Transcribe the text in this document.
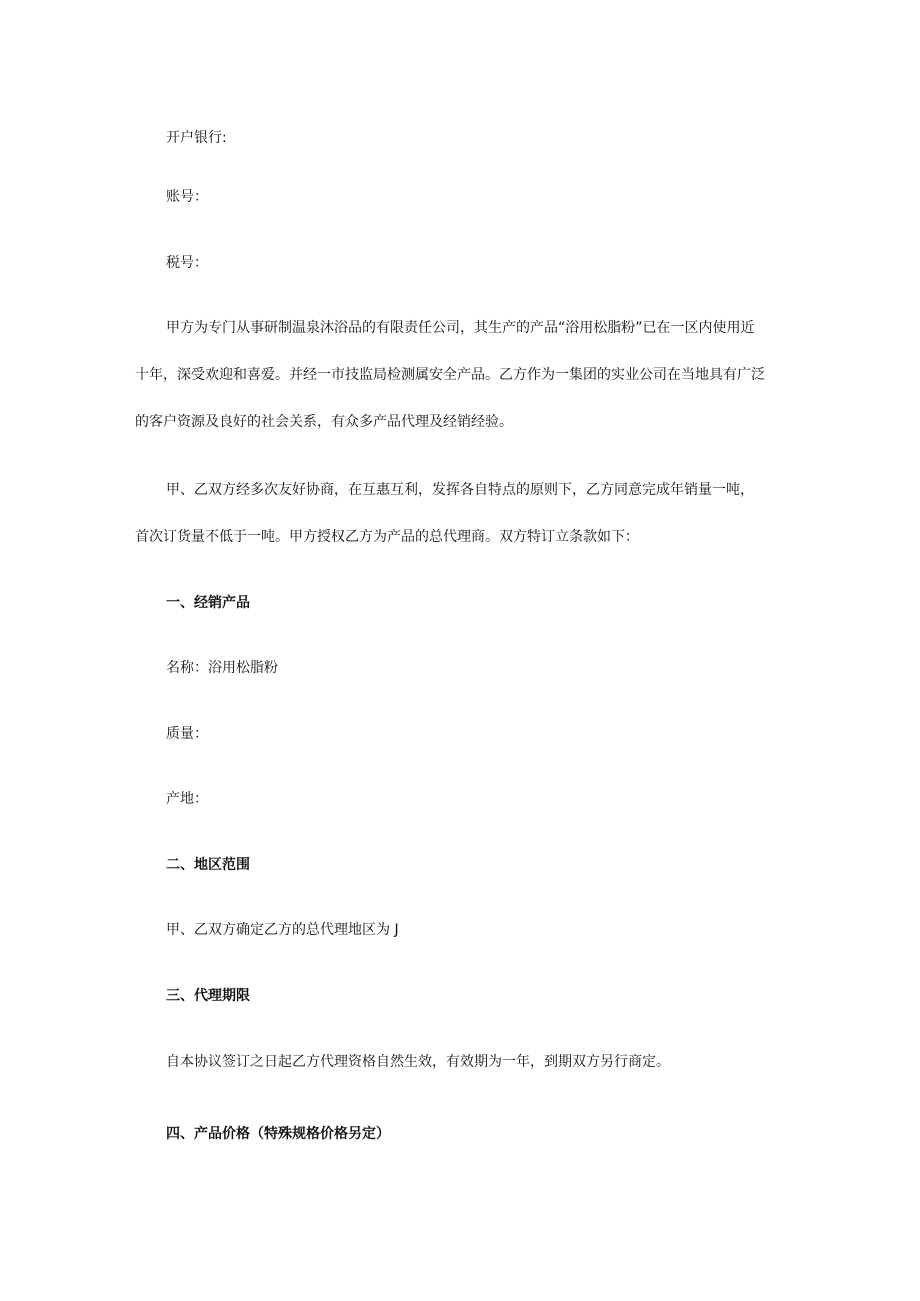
开户银行:
账号：
税号：
甲方为专门从事研制温泉沐浴品的有限责任公司，其生产的产品“浴用松脂粉”已在一区内使用近
十年，深受欢迎和喜爱。并经一市技监局检测属安全产品。乙方作为一集团的实业公司在当地具有广泛
的客户资源及良好的社会关系，有众多产品代理及经销经验。
甲、乙双方经多次友好协商，在互惠互利，发挥各自特点的原则下，乙方同意完成年销量一吨，
首次订货量不低于一吨。甲方授权乙方为产品的总代理商。双方特订立条款如下：
一、经销产品
名称：浴用松脂粉
质量：
产地：
二、地区范围
甲、乙双方确定乙方的总代理地区为 J
三、代理期限
自本协议签订之日起乙方代理资格自然生效，有效期为一年，到期双方另行商定。
四、产品价格（特殊规格价格另定）
